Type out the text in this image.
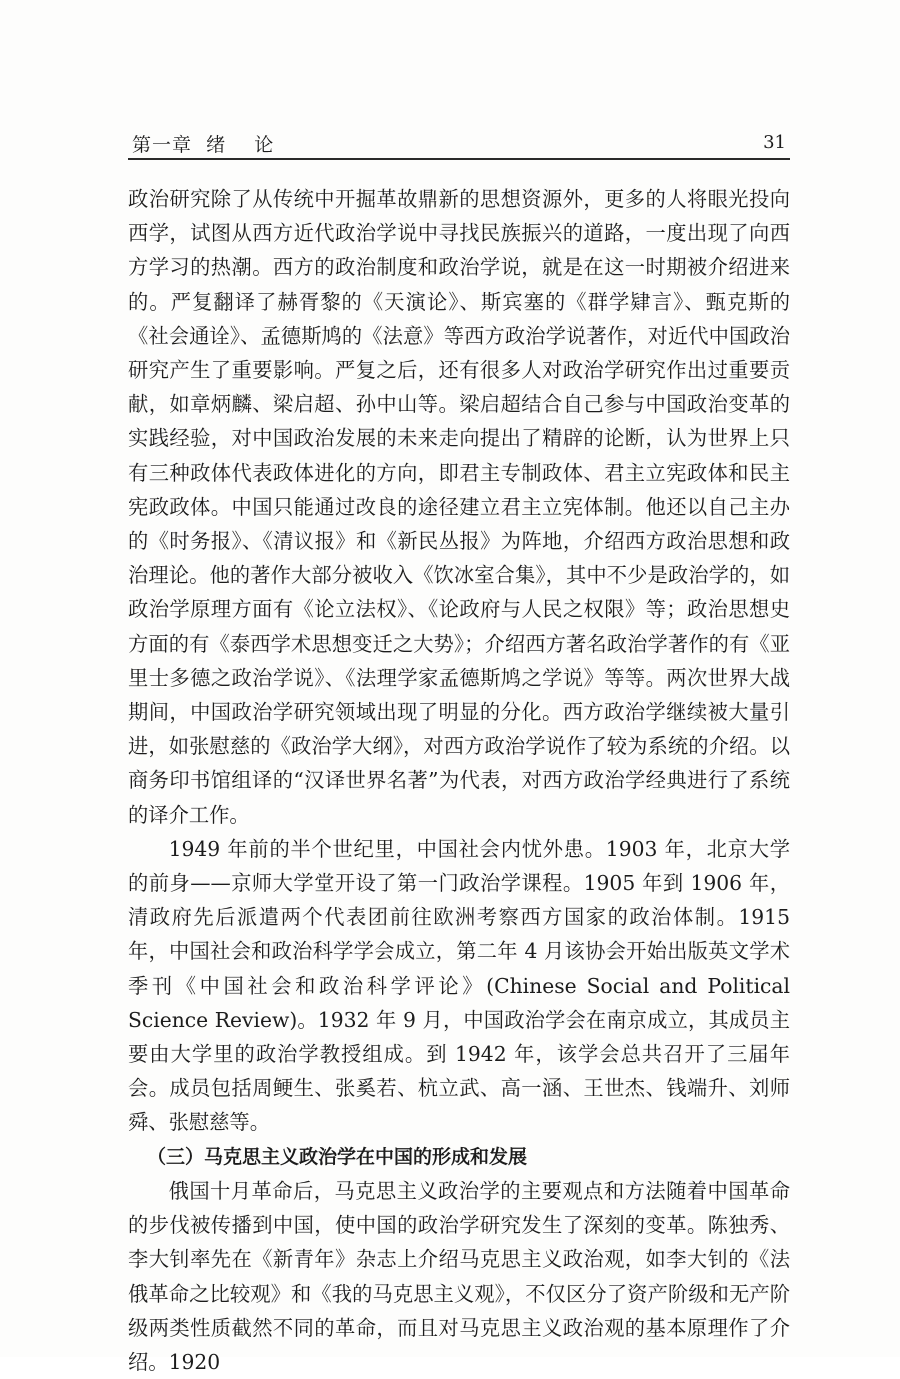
第一章  绪    论	31

政治研究除了从传统中开掘革故鼎新的思想资源外，更多的人将眼光投向西学，试图从西方近代政治学说中寻找民族振兴的道路，一度出现了向西方学习的热潮。西方的政治制度和政治学说，就是在这一时期被介绍进来的。严复翻译了赫胥黎的《天演论》、斯宾塞的《群学肄言》、甄克斯的《社会通诠》、孟德斯鸠的《法意》等西方政治学说著作，对近代中国政治研究产生了重要影响。严复之后，还有很多人对政治学研究作出过重要贡献，如章炳麟、梁启超、孙中山等。梁启超结合自己参与中国政治变革的实践经验，对中国政治发展的未来走向提出了精辟的论断，认为世界上只有三种政体代表政体进化的方向，即君主专制政体、君主立宪政体和民主宪政政体。中国只能通过改良的途径建立君主立宪体制。他还以自己主办的《时务报》、《清议报》和《新民丛报》为阵地，介绍西方政治思想和政治理论。他的著作大部分被收入《饮冰室合集》，其中不少是政治学的，如政治学原理方面有《论立法权》、《论政府与人民之权限》等；政治思想史方面的有《泰西学术思想变迁之大势》；介绍西方著名政治学著作的有《亚里士多德之政治学说》、《法理学家孟德斯鸠之学说》等等。两次世界大战期间，中国政治学研究领域出现了明显的分化。西方政治学继续被大量引进，如张慰慈的《政治学大纲》，对西方政治学说作了较为系统的介绍。以商务印书馆组译的“汉译世界名著”为代表，对西方政治学经典进行了系统的译介工作。

1949 年前的半个世纪里，中国社会内忧外患。1903 年，北京大学的前身——京师大学堂开设了第一门政治学课程。1905 年到 1906 年，清政府先后派遣两个代表团前往欧洲考察西方国家的政治体制。1915 年，中国社会和政治科学学会成立，第二年 4 月该协会开始出版英文学术季刊《中国社会和政治科学评论》(Chinese Social and Political Science Review)。1932 年 9 月，中国政治学会在南京成立，其成员主要由大学里的政治学教授组成。到 1942 年，该学会总共召开了三届年会。成员包括周鲠生、张奚若、杭立武、高一涵、王世杰、钱端升、刘师舜、张慰慈等。

（三）马克思主义政治学在中国的形成和发展

俄国十月革命后，马克思主义政治学的主要观点和方法随着中国革命的步伐被传播到中国，使中国的政治学研究发生了深刻的变革。陈独秀、李大钊率先在《新青年》杂志上介绍马克思主义政治观，如李大钊的《法俄革命之比较观》和《我的马克思主义观》，不仅区分了资产阶级和无产阶级两类性质截然不同的革命，而且对马克思主义政治观的基本原理作了介绍。1920
